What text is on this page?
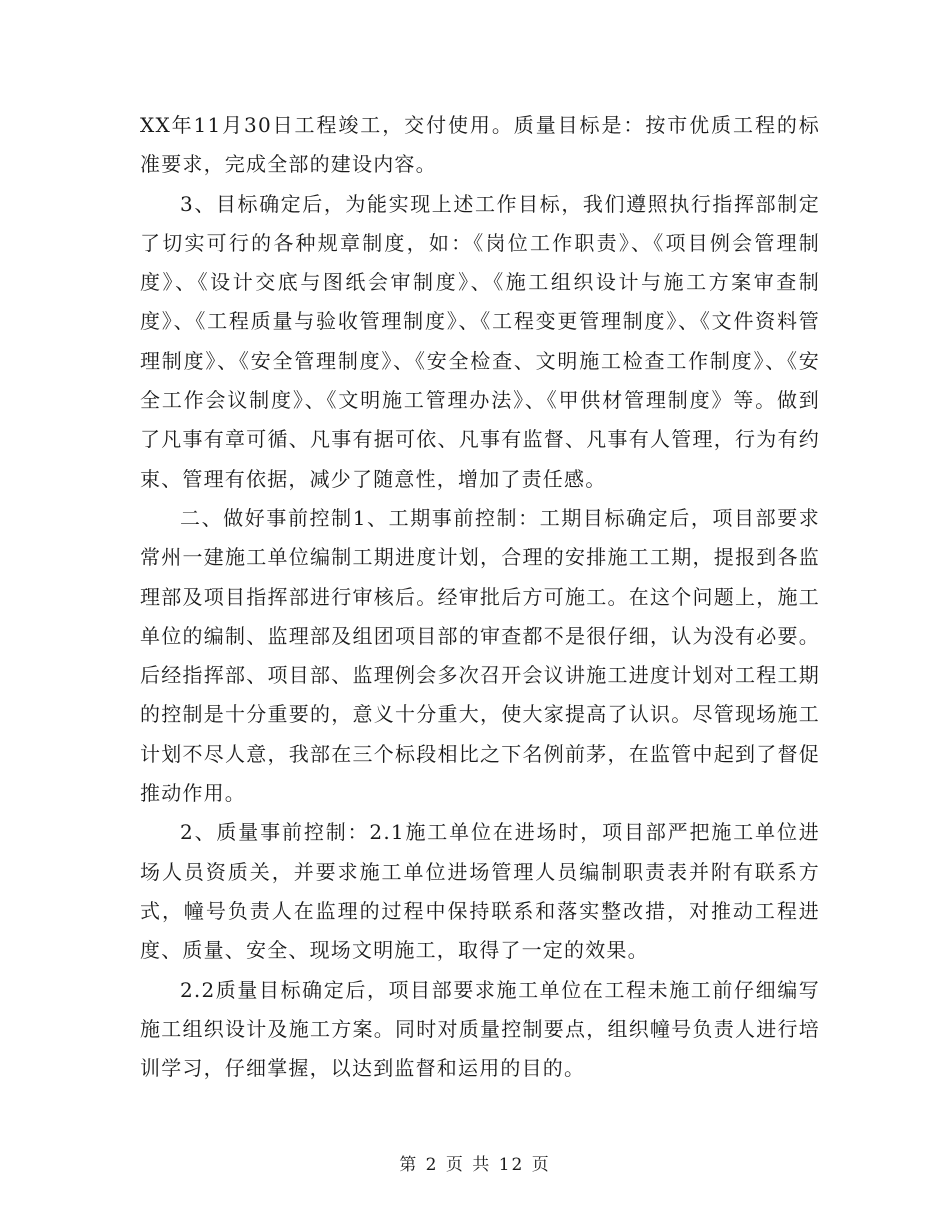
XX年11月30日工程竣工，交付使用。质量目标是：按市优质工程的标准要求，完成全部的建设内容。

3、目标确定后，为能实现上述工作目标，我们遵照执行指挥部制定了切实可行的各种规章制度，如：《岗位工作职责》、《项目例会管理制度》、《设计交底与图纸会审制度》、《施工组织设计与施工方案审查制度》、《工程质量与验收管理制度》、《工程变更管理制度》、《文件资料管理制度》、《安全管理制度》、《安全检查、文明施工检查工作制度》、《安全工作会议制度》、《文明施工管理办法》、《甲供材管理制度》等。做到了凡事有章可循、凡事有据可依、凡事有监督、凡事有人管理，行为有约束、管理有依据，减少了随意性，增加了责任感。

二、做好事前控制1、工期事前控制：工期目标确定后，项目部要求常州一建施工单位编制工期进度计划，合理的安排施工工期，提报到各监理部及项目指挥部进行审核后。经审批后方可施工。在这个问题上，施工单位的编制、监理部及组团项目部的审查都不是很仔细，认为没有必要。后经指挥部、项目部、监理例会多次召开会议讲施工进度计划对工程工期的控制是十分重要的，意义十分重大，使大家提高了认识。尽管现场施工计划不尽人意，我部在三个标段相比之下名例前茅，在监管中起到了督促推动作用。

2、质量事前控制：2.1施工单位在进场时，项目部严把施工单位进场人员资质关，并要求施工单位进场管理人员编制职责表并附有联系方式，幢号负责人在监理的过程中保持联系和落实整改措，对推动工程进度、质量、安全、现场文明施工，取得了一定的效果。

2.2质量目标确定后，项目部要求施工单位在工程未施工前仔细编写施工组织设计及施工方案。同时对质量控制要点，组织幢号负责人进行培训学习，仔细掌握，以达到监督和运用的目的。

第 2 页 共 12 页
